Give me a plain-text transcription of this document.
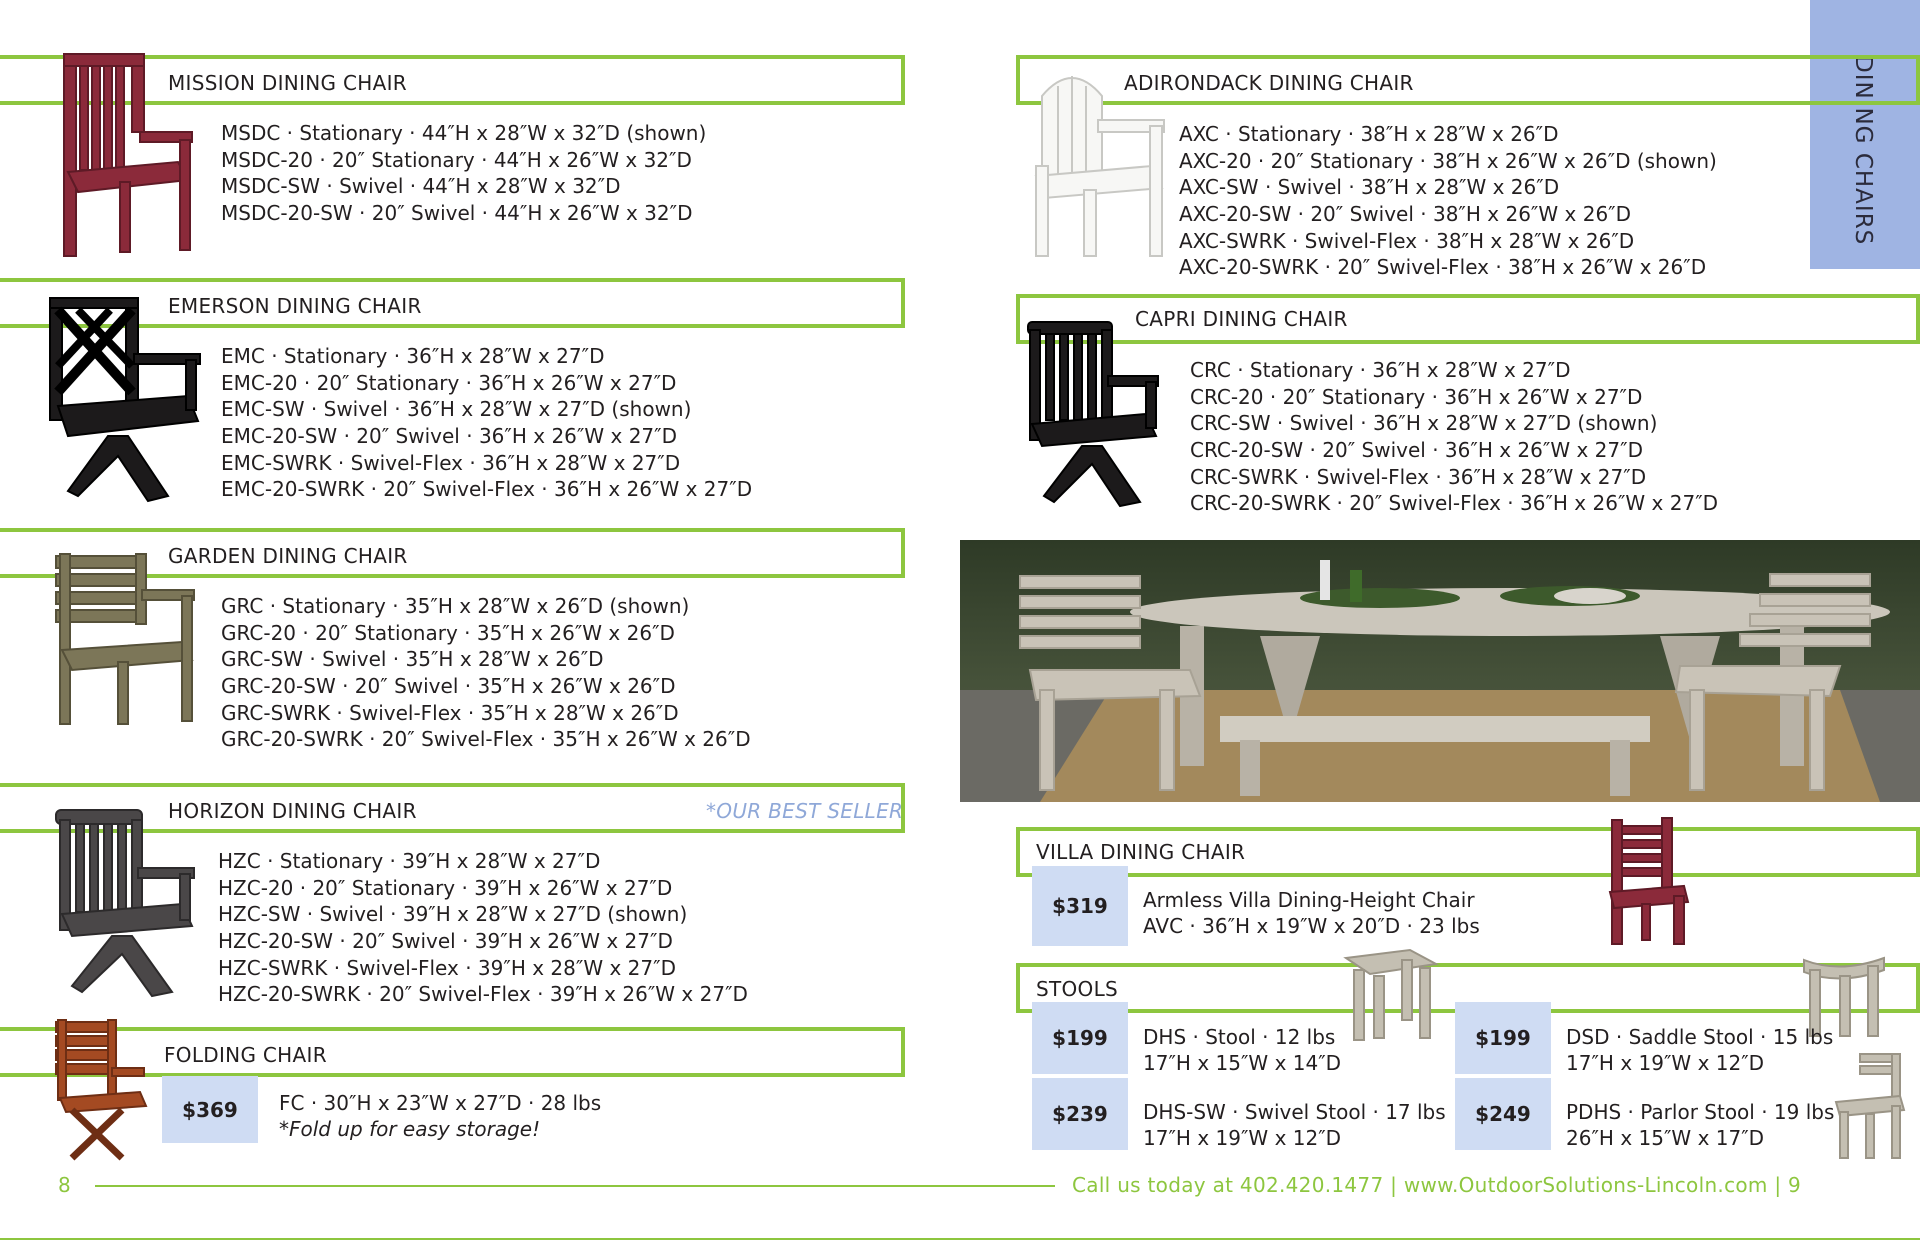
DINING CHAIRS
MISSION DINING CHAIR
MSDC · Stationary · 44″H x 28″W x 32″D (shown)
MSDC-20 · 20″ Stationary · 44″H x 26″W x 32″D
MSDC-SW · Swivel · 44″H x 28″W x 32″D
MSDC-20-SW · 20″ Swivel · 44″H x 26″W x 32″D
EMERSON DINING CHAIR
EMC · Stationary · 36″H x 28″W x 27″D
EMC-20 · 20″ Stationary · 36″H x 26″W x 27″D
EMC-SW · Swivel · 36″H x 28″W x 27″D (shown)
EMC-20-SW · 20″ Swivel · 36″H x 26″W x 27″D
EMC-SWRK · Swivel-Flex · 36″H x 28″W x 27″D
EMC-20-SWRK · 20″ Swivel-Flex · 36″H x 26″W x 27″D
GARDEN DINING CHAIR
GRC · Stationary · 35″H x 28″W x 26″D (shown)
GRC-20 · 20″ Stationary · 35″H x 26″W x 26″D
GRC-SW · Swivel · 35″H x 28″W x 26″D
GRC-20-SW · 20″ Swivel · 35″H x 26″W x 26″D
GRC-SWRK · Swivel-Flex · 35″H x 28″W x 26″D
GRC-20-SWRK · 20″ Swivel-Flex · 35″H x 26″W x 26″D
HORIZON DINING CHAIR	*OUR BEST SELLER
HZC · Stationary · 39″H x 28″W x 27″D
HZC-20 · 20″ Stationary · 39″H x 26″W x 27″D
HZC-SW · Swivel · 39″H x 28″W x 27″D (shown)
HZC-20-SW · 20″ Swivel · 39″H x 26″W x 27″D
HZC-SWRK · Swivel-Flex · 39″H x 28″W x 27″D
HZC-20-SWRK · 20″ Swivel-Flex · 39″H x 26″W x 27″D
FOLDING CHAIR
$369	FC · 30″H x 23″W x 27″D · 28 lbs
*Fold up for easy storage!
ADIRONDACK DINING CHAIR
AXC · Stationary · 38″H x 28″W x 26″D
AXC-20 · 20″ Stationary · 38″H x 26″W x 26″D (shown)
AXC-SW · Swivel · 38″H x 28″W x 26″D
AXC-20-SW · 20″ Swivel · 38″H x 26″W x 26″D
AXC-SWRK · Swivel-Flex · 38″H x 28″W x 26″D
AXC-20-SWRK · 20″ Swivel-Flex · 38″H x 26″W x 26″D
CAPRI DINING CHAIR
CRC · Stationary · 36″H x 28″W x 27″D
CRC-20 · 20″ Stationary · 36″H x 26″W x 27″D
CRC-SW · Swivel · 36″H x 28″W x 27″D (shown)
CRC-20-SW · 20″ Swivel · 36″H x 26″W x 27″D
CRC-SWRK · Swivel-Flex · 36″H x 28″W x 27″D
CRC-20-SWRK · 20″ Swivel-Flex · 36″H x 26″W x 27″D
VILLA DINING CHAIR
$319	Armless Villa Dining-Height Chair
AVC · 36″H x 19″W x 20″D · 23 lbs
STOOLS
$199	DHS · Stool · 12 lbs
17″H x 15″W x 14″D
$239	DHS-SW · Swivel Stool · 17 lbs
17″H x 19″W x 12″D
$199	DSD · Saddle Stool · 15 lbs
17″H x 19″W x 12″D
$249	PDHS · Parlor Stool · 19 lbs
26″H x 15″W x 17″D
8	Call us today at 402.420.1477 | www.OutdoorSolutions-Lincoln.com | 9
